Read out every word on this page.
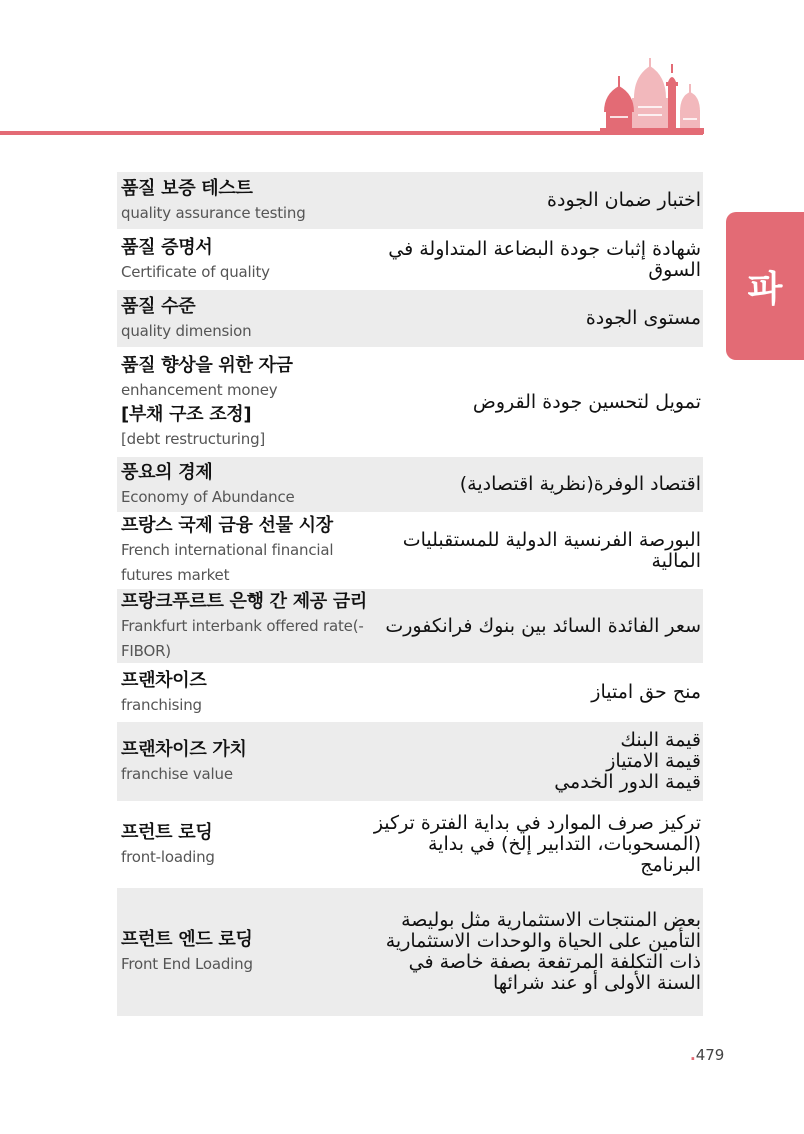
파
품질 보증 테스트
quality assurance testing
اختبار ضمان الجودة
품질 증명서
Certificate of quality
شهادة إثبات جودة البضاعة المتداولة في السوق
품질 수준
quality dimension
مستوى الجودة
품질 향상을 위한 자금
enhancement money
[부채 구조 조정]
[debt restructuring]
تمويل لتحسين جودة القروض
풍요의 경제
Economy of Abundance
اقتصاد الوفرة(نظرية اقتصادية)
프랑스 국제 금융 선물 시장
French international financial futures market
البورصة الفرنسية الدولية للمستقبليات المالية
프랑크푸르트 은행 간 제공 금리
Frankfurt interbank offered rate(-FIBOR)
سعر الفائدة السائد بين بنوك فرانكفورت
프랜차이즈
franchising
منح حق امتياز
프랜차이즈 가치
franchise value
قيمة البنك
قيمة الامتياز
قيمة الدور الخدمي
프런트 로딩
front-loading
تركيز صرف الموارد في بداية الفترة تركيز (المسحوبات، التدابير إلخ) في بداية البرنامج
프런트 엔드 로딩
Front End Loading
بعض المنتجات الاستثمارية مثل بوليصة التأمين على الحياة والوحدات الاستثمارية ذات التكلفة المرتفعة بصفة خاصة في السنة الأولى أو عند شرائها
.479
